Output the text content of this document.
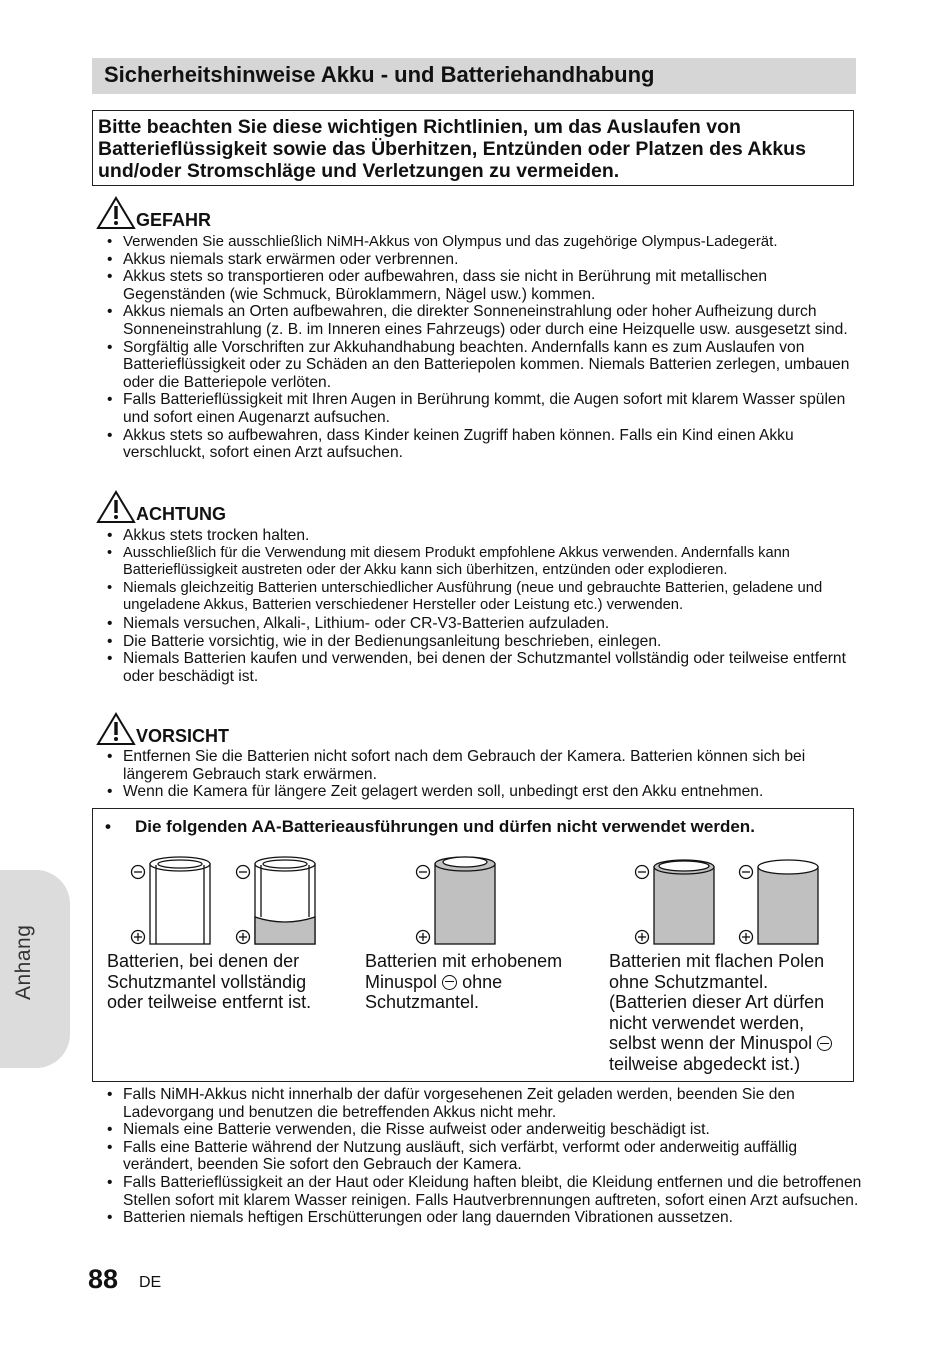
Sicherheitshinweise Akku - und Batteriehandhabung

Bitte beachten Sie diese wichtigen Richtlinien, um das Auslaufen von Batterieflüssigkeit sowie das Überhitzen, Entzünden oder Platzen des Akkus und/oder Stromschläge und Verletzungen zu vermeiden.

GEFAHR
• Verwenden Sie ausschließlich NiMH-Akkus von Olympus und das zugehörige Olympus-Ladegerät.
• Akkus niemals stark erwärmen oder verbrennen.
• Akkus stets so transportieren oder aufbewahren, dass sie nicht in Berührung mit metallischen Gegenständen (wie Schmuck, Büroklammern, Nägel usw.) kommen.
• Akkus niemals an Orten aufbewahren, die direkter Sonneneinstrahlung oder hoher Aufheizung durch Sonneneinstrahlung (z. B. im Inneren eines Fahrzeugs) oder durch eine Heizquelle usw. ausgesetzt sind.
• Sorgfältig alle Vorschriften zur Akkuhandhabung beachten. Andernfalls kann es zum Auslaufen von Batterieflüssigkeit oder zu Schäden an den Batteriepolen kommen. Niemals Batterien zerlegen, umbauen oder die Batteriepole verlöten.
• Falls Batterieflüssigkeit mit Ihren Augen in Berührung kommt, die Augen sofort mit klarem Wasser spülen und sofort einen Augenarzt aufsuchen.
• Akkus stets so aufbewahren, dass Kinder keinen Zugriff haben können. Falls ein Kind einen Akku verschluckt, sofort einen Arzt aufsuchen.
ACHTUNG
• Akkus stets trocken halten.
• Ausschließlich für die Verwendung mit diesem Produkt empfohlene Akkus verwenden. Andernfalls kann Batterieflüssigkeit austreten oder der Akku kann sich überhitzen, entzünden oder explodieren.
• Niemals gleichzeitig Batterien unterschiedlicher Ausführung (neue und gebrauchte Batterien, geladene und ungeladene Akkus, Batterien verschiedener Hersteller oder Leistung etc.) verwenden.
• Niemals versuchen, Alkali-, Lithium- oder CR-V3-Batterien aufzuladen.
• Die Batterie vorsichtig, wie in der Bedienungsanleitung beschrieben, einlegen.
• Niemals Batterien kaufen und verwenden, bei denen der Schutzmantel vollständig oder teilweise entfernt oder beschädigt ist.
VORSICHT
• Entfernen Sie die Batterien nicht sofort nach dem Gebrauch der Kamera. Batterien können sich bei längerem Gebrauch stark erwärmen.
• Wenn die Kamera für längere Zeit gelagert werden soll, unbedingt erst den Akku entnehmen.
• Die folgenden AA-Batterieausführungen und dürfen nicht verwendet werden.
Batterien, bei denen der Schutzmantel vollständig oder teilweise entfernt ist.
Batterien mit erhobenem Minuspol ohne Schutzmantel.
Batterien mit flachen Polen ohne Schutzmantel. (Batterien dieser Art dürfen nicht verwendet werden, selbst wenn der Minuspol  teilweise abgedeckt ist.)
• Falls NiMH-Akkus nicht innerhalb der dafür vorgesehenen Zeit geladen werden, beenden Sie den Ladevorgang und benutzen die betreffenden Akkus nicht mehr.
• Niemals eine Batterie verwenden, die Risse aufweist oder anderweitig beschädigt ist.
• Falls eine Batterie während der Nutzung ausläuft, sich verfärbt, verformt oder anderweitig auffällig verändert, beenden Sie sofort den Gebrauch der Kamera.
• Falls Batterieflüssigkeit an der Haut oder Kleidung haften bleibt, die Kleidung entfernen und die betroffenen Stellen sofort mit klarem Wasser reinigen. Falls Hautverbrennungen auftreten, sofort einen Arzt aufsuchen.
• Batterien niemals heftigen Erschütterungen oder lang dauernden Vibrationen aussetzen.
Anhang
88 DE
